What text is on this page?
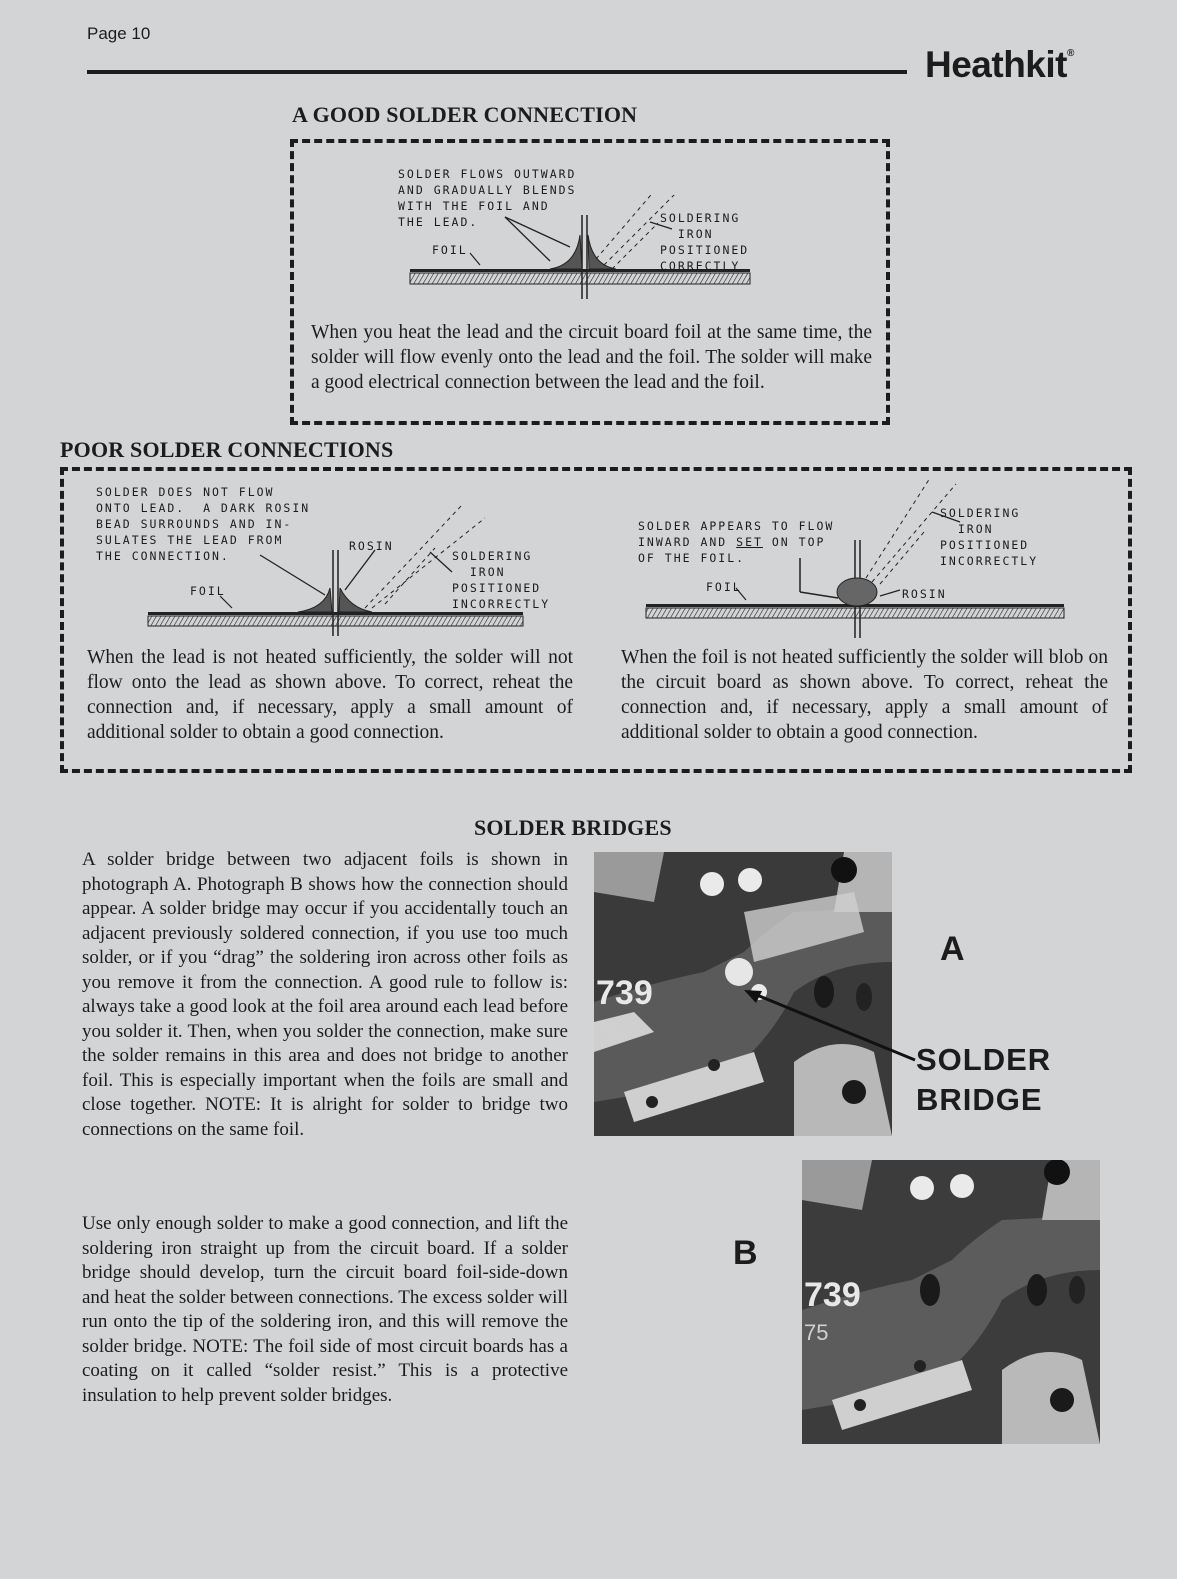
Page 10
Heathkit®
A GOOD SOLDER CONNECTION
SOLDER FLOWS OUTWARD
AND GRADUALLY BLENDS
WITH THE FOIL AND
THE LEAD.
FOIL
SOLDERING
IRON
POSITIONED
CORRECTLY
When you heat the lead and the circuit board foil at the same time, the solder will flow evenly onto the lead and the foil. The solder will make a good electrical connection between the lead and the foil.
POOR SOLDER CONNECTIONS
SOLDER DOES NOT FLOW
ONTO LEAD.  A DARK ROSIN
BEAD SURROUNDS AND IN-
SULATES THE LEAD FROM
THE CONNECTION.
ROSIN
FOIL
SOLDERING
IRON
POSITIONED
INCORRECTLY
When the lead is not heated sufficiently, the solder will not flow onto the lead as shown above. To correct, reheat the connection and, if necessary, apply a small amount of additional solder to obtain a good connection.
SOLDER APPEARS TO FLOW
INWARD AND SET ON TOP
OF THE FOIL.
FOIL	ROSIN
SOLDERING
IRON
POSITIONED
INCORRECTLY
When the foil is not heated sufficiently the solder will blob on the circuit board as shown above. To correct, reheat the connection and, if necessary, apply a small amount of additional solder to obtain a good connection.
SOLDER BRIDGES
A solder bridge between two adjacent foils is shown in photograph A. Photograph B shows how the connection should appear. A solder bridge may occur if you accidentally touch an adjacent previously soldered connection, if you use too much solder, or if you “drag” the soldering iron across other foils as you remove it from the connection. A good rule to follow is: always take a good look at the foil area around each lead before you solder it. Then, when you solder the connection, make sure the solder remains in this area and does not bridge to another foil. This is especially important when the foils are small and close together. NOTE: It is alright for solder to bridge two connections on the same foil.
Use only enough solder to make a good connection, and lift the soldering iron straight up from the circuit board. If a solder bridge should develop, turn the circuit board foil-side-down and heat the solder between connections. The excess solder will run onto the tip of the soldering iron, and this will remove the solder bridge. NOTE: The foil side of most circuit boards has a coating on it called “solder resist.” This is a protective insulation to help prevent solder bridges.
739
75
A
SOLDER
BRIDGE
739
75
B
